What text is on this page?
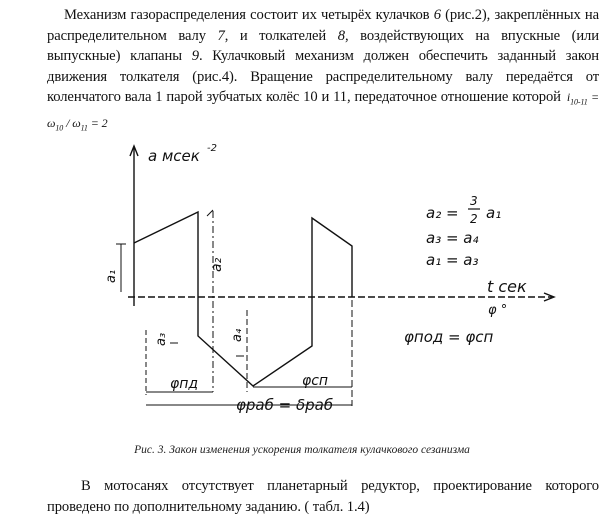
Механизм газораспределения состоит их четырёх кулачков 6 (рис.2), закреплённых на распределительном валу 7, и толкателей 8, воздействующих на впускные (или выпускные) клапаны 9. Кулачковый механизм должен обеспечить заданный закон движения толкателя (рис.4). Вращение распределительному валу передаётся от коленчатого вала 1 парой зубчатых колёс 10 и 11, передаточное отношение которой $i_{10-11} = \omega_{10} / \omega_{11} = 2$
a мсек -2
t сек
φ °
a₁
a₂
a₃	a₄
φпд	φсп
φраб = δраб
φпод = φсп
a₂ =
3
2 a₁
a₃ = a₄
a₁ = a₃
Рис. 3. Закон изменения ускорения толкателя кулачкового сезанизма
В мотосанях отсутствует планетарный редуктор, проектирование которого проведено по дополнительному заданию. ( табл. 1.4)
